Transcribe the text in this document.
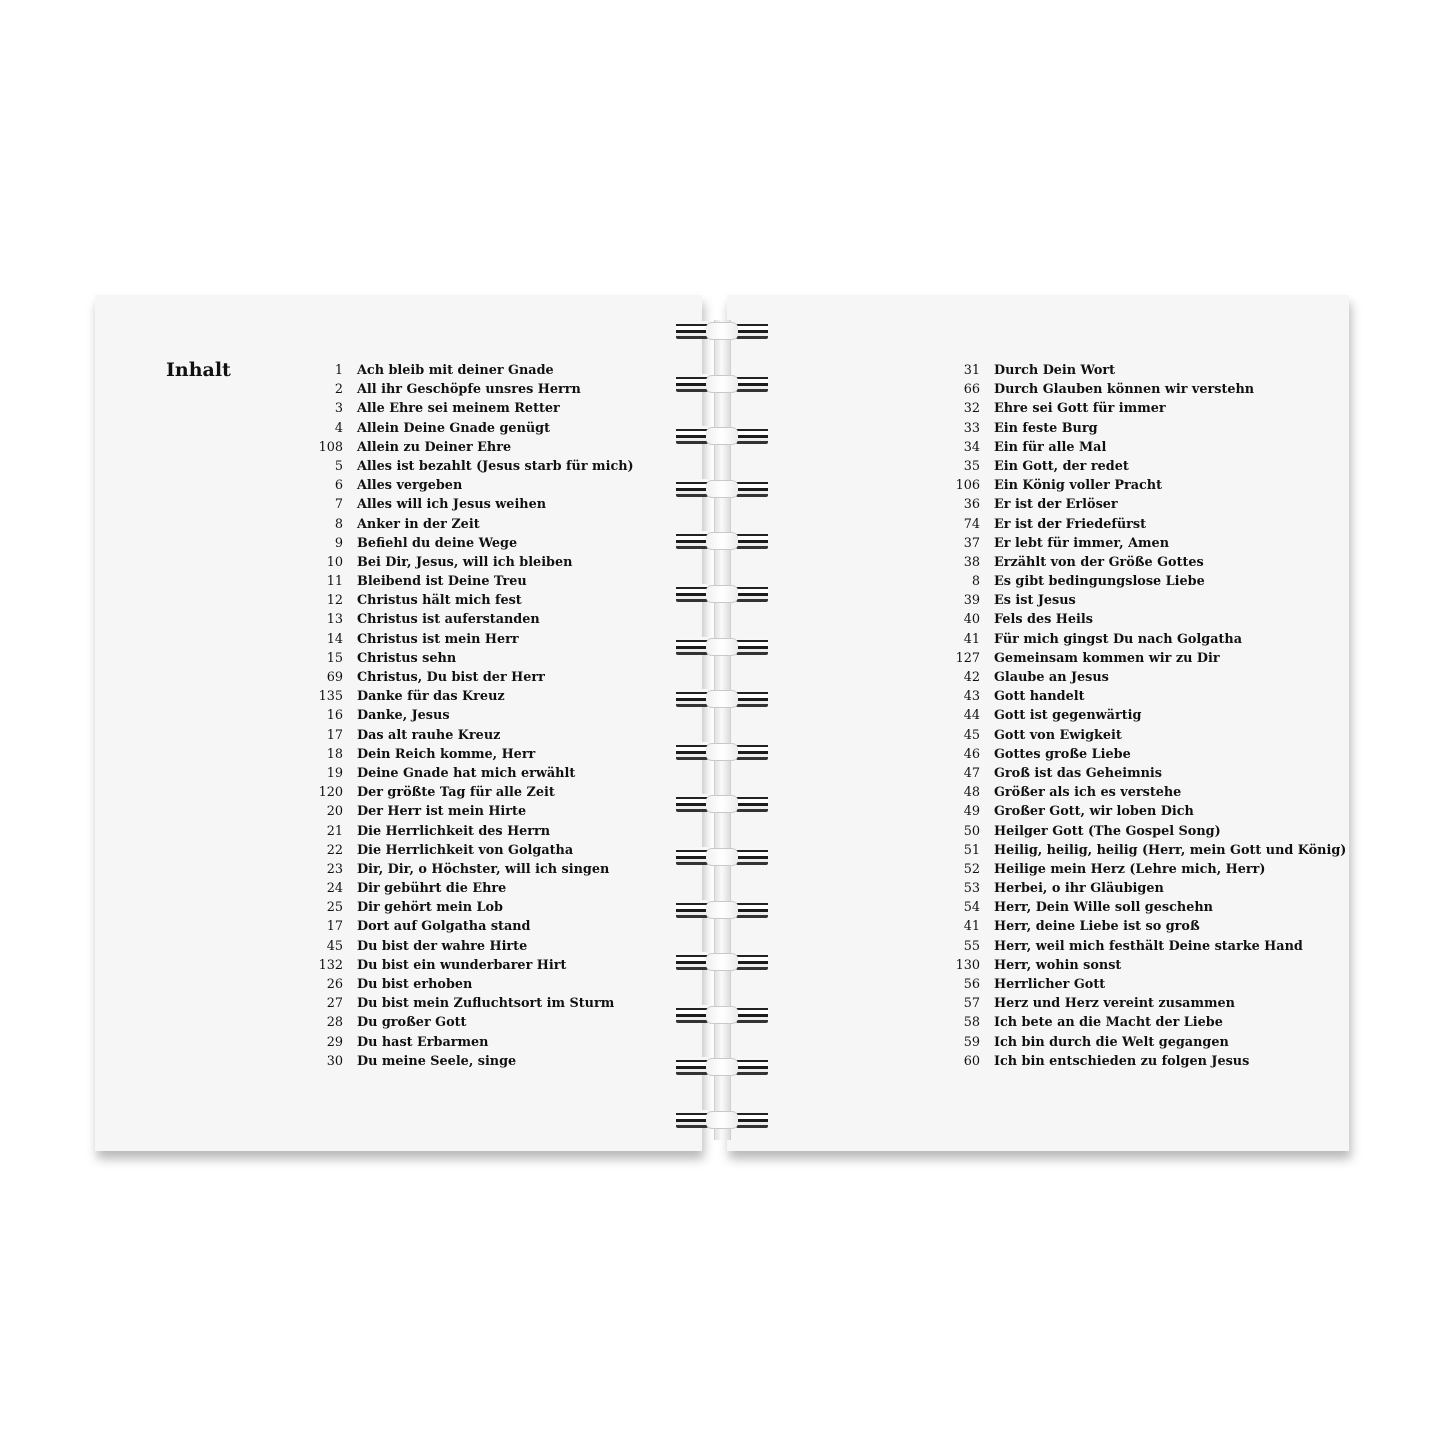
Inhalt	1 Ach bleib mit deiner Gnade
2 All ihr Geschöpfe unsres Herrn
3 Alle Ehre sei meinem Retter
4 Allein Deine Gnade genügt
108 Allein zu Deiner Ehre
5 Alles ist bezahlt (Jesus starb für mich)
6 Alles vergeben
7 Alles will ich Jesus weihen
8 Anker in der Zeit
9 Befiehl du deine Wege
10 Bei Dir, Jesus, will ich bleiben
11 Bleibend ist Deine Treu
12 Christus hält mich fest
13 Christus ist auferstanden
14 Christus ist mein Herr
15 Christus sehn
69 Christus, Du bist der Herr
135 Danke für das Kreuz
16 Danke, Jesus
17 Das alt rauhe Kreuz
18 Dein Reich komme, Herr
19 Deine Gnade hat mich erwählt
120 Der größte Tag für alle Zeit
20 Der Herr ist mein Hirte
21 Die Herrlichkeit des Herrn
22 Die Herrlichkeit von Golgatha
23 Dir, Dir, o Höchster, will ich singen
24 Dir gebührt die Ehre
25 Dir gehört mein Lob
17 Dort auf Golgatha stand
45 Du bist der wahre Hirte
132 Du bist ein wunderbarer Hirt
26 Du bist erhoben
27 Du bist mein Zufluchtsort im Sturm
28 Du großer Gott
29 Du hast Erbarmen
30 Du meine Seele, singe
31 Durch Dein Wort
66 Durch Glauben können wir verstehn
32 Ehre sei Gott für immer
33 Ein feste Burg
34 Ein für alle Mal
35 Ein Gott, der redet
106 Ein König voller Pracht
36 Er ist der Erlöser
74 Er ist der Friedefürst
37 Er lebt für immer, Amen
38 Erzählt von der Größe Gottes
8 Es gibt bedingungslose Liebe
39 Es ist Jesus
40 Fels des Heils
41 Für mich gingst Du nach Golgatha
127 Gemeinsam kommen wir zu Dir
42 Glaube an Jesus
43 Gott handelt
44 Gott ist gegenwärtig
45 Gott von Ewigkeit
46 Gottes große Liebe
47 Groß ist das Geheimnis
48 Größer als ich es verstehe
49 Großer Gott, wir loben Dich
50 Heilger Gott (The Gospel Song)
51 Heilig, heilig, heilig (Herr, mein Gott und König)
52 Heilige mein Herz (Lehre mich, Herr)
53 Herbei, o ihr Gläubigen
54 Herr, Dein Wille soll geschehn
41 Herr, deine Liebe ist so groß
55 Herr, weil mich festhält Deine starke Hand
130 Herr, wohin sonst
56 Herrlicher Gott
57 Herz und Herz vereint zusammen
58 Ich bete an die Macht der Liebe
59 Ich bin durch die Welt gegangen
60 Ich bin entschieden zu folgen Jesus
